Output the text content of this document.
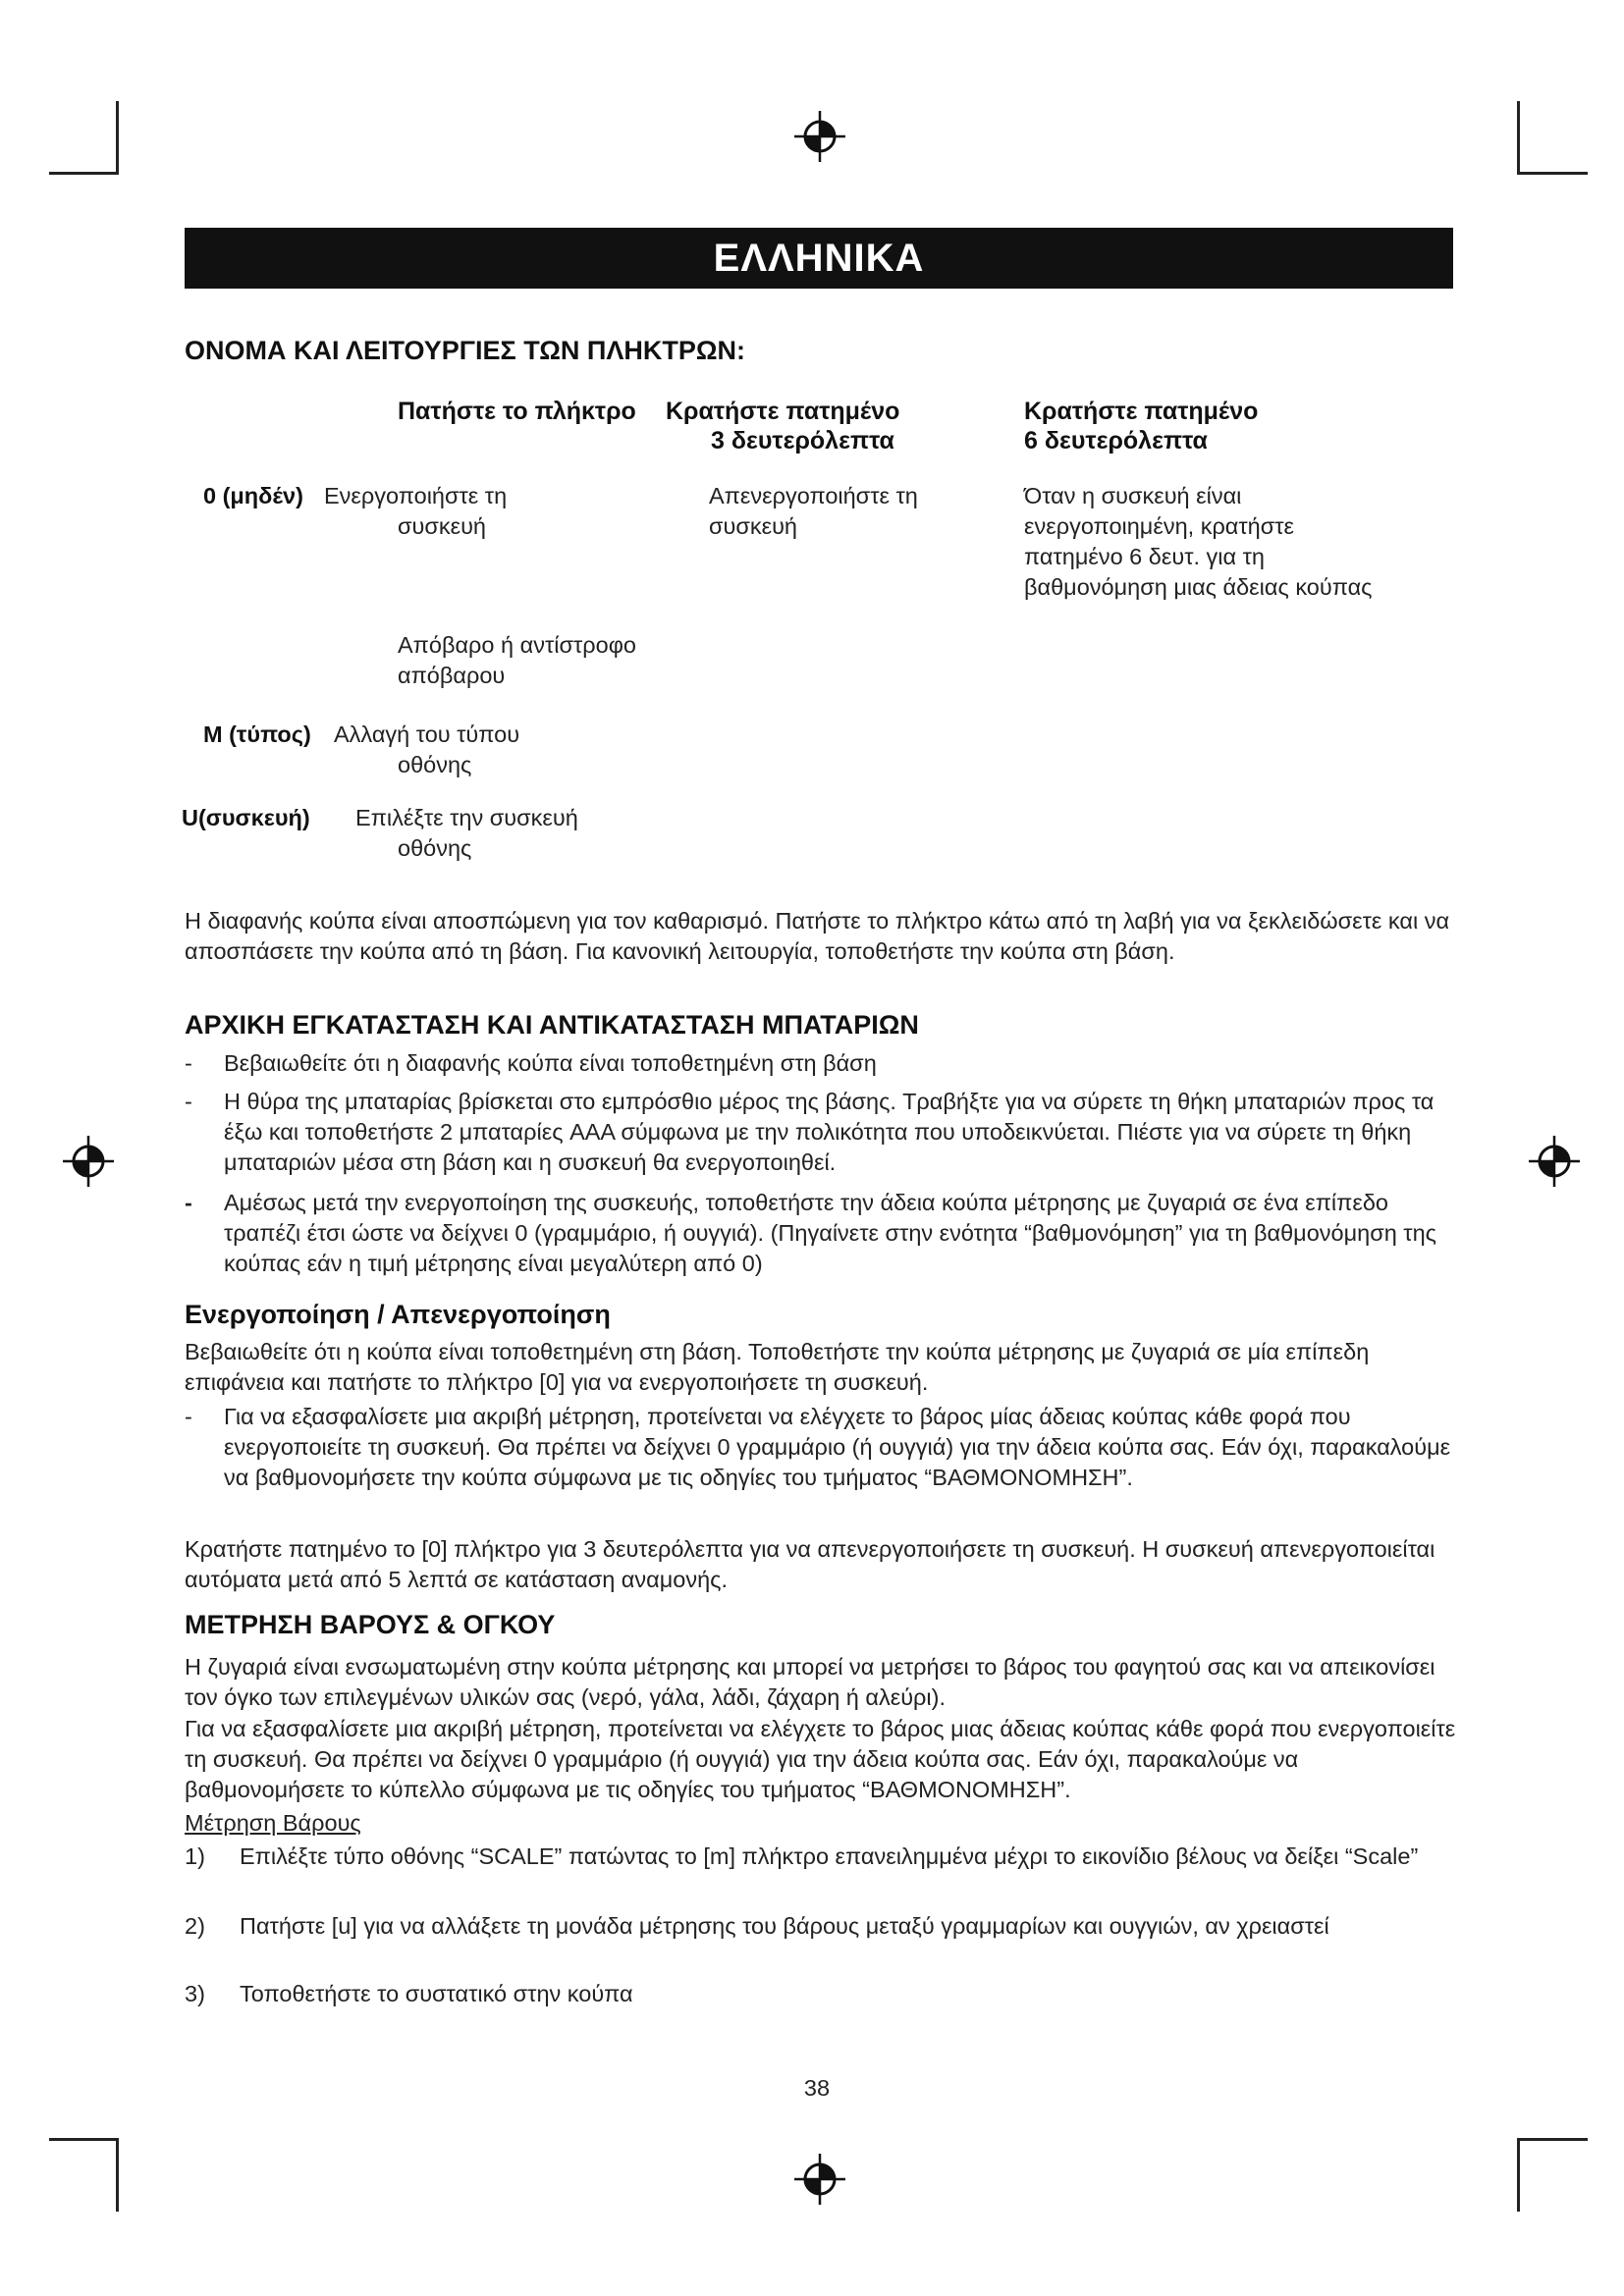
ΕΛΛΗΝΙΚΑ
ΟΝΟΜΑ ΚΑΙ ΛΕΙΤΟΥΡΓΙΕΣ ΤΩΝ ΠΛΗΚΤΡΩΝ:
Πατήστε το πλήκτρο Κρατήστε πατημένο
3 δευτερόλεπτα
Κρατήστε πατημένο
6 δευτερόλεπτα
0 (μηδέν) Ενεργοποιήστε τη
συσκευή
Απενεργοποιήστε τη
συσκευή
Όταν η συσκευή είναι
ενεργοποιημένη, κρατήστε
πατημένο 6 δευτ. για τη
βαθμονόμηση μιας άδειας κούπας
Απόβαρο ή αντίστροφο
απόβαρου
M (τύπος) Αλλαγή του τύπου
οθόνης
U(συσκευή) Επιλέξτε την συσκευή
οθόνης

Η διαφανής κούπα είναι αποσπώμενη για τον καθαρισμό. Πατήστε το πλήκτρο κάτω από τη λαβή για να ξεκλειδώσετε και να αποσπάσετε την κούπα από τη βάση. Για κανονική λειτουργία, τοποθετήστε την κούπα στη βάση.

ΑΡΧΙΚΗ ΕΓΚΑΤΑΣΤΑΣΗ ΚΑΙ ΑΝΤΙΚΑΤΑΣΤΑΣΗ ΜΠΑΤΑΡΙΩΝ
- Βεβαιωθείτε ότι η διαφανής κούπα είναι τοποθετημένη στη βάση
- Η θύρα της μπαταρίας βρίσκεται στο εμπρόσθιο μέρος της βάσης. Τραβήξτε για να σύρετε τη θήκη μπαταριών προς τα έξω και τοποθετήστε 2 μπαταρίες AAA σύμφωνα με την πολικότητα που υποδεικνύεται. Πιέστε για να σύρετε τη θήκη μπαταριών μέσα στη βάση και η συσκευή θα ενεργοποιηθεί.
- Αμέσως μετά την ενεργοποίηση της συσκευής, τοποθετήστε την άδεια κούπα μέτρησης με ζυγαριά σε ένα επίπεδο τραπέζι έτσι ώστε να δείχνει 0 (γραμμάριο, ή ουγγιά). (Πηγαίνετε στην ενότητα “βαθμονόμηση” για τη βαθμονόμηση της κούπας εάν η τιμή μέτρησης είναι μεγαλύτερη από 0)
Ενεργοποίηση / Απενεργοποίηση

Βεβαιωθείτε ότι η κούπα είναι τοποθετημένη στη βάση. Τοποθετήστε την κούπα μέτρησης με ζυγαριά σε μία επίπεδη επιφάνεια και πατήστε το πλήκτρο [0] για να ενεργοποιήσετε τη συσκευή.

- Για να εξασφαλίσετε μια ακριβή μέτρηση, προτείνεται να ελέγχετε το βάρος μίας άδειας κούπας κάθε φορά που ενεργοποιείτε τη συσκευή. Θα πρέπει να δείχνει 0 γραμμάριο (ή ουγγιά) για την άδεια κούπα σας. Εάν όχι, παρακαλούμε να βαθμονομήσετε την κούπα σύμφωνα με τις οδηγίες του τμήματος “ΒΑΘΜΟΝΟΜΗΣΗ”.

Κρατήστε πατημένο το [0] πλήκτρο για 3 δευτερόλεπτα για να απενεργοποιήσετε τη συσκευή. Η συσκευή απενεργοποιείται αυτόματα μετά από 5 λεπτά σε κατάσταση αναμονής.

ΜΕΤΡΗΣΗ ΒΑΡΟΥΣ & ΟΓΚΟΥ

Η ζυγαριά είναι ενσωματωμένη στην κούπα μέτρησης και μπορεί να μετρήσει το βάρος του φαγητού σας και να απεικονίσει τον όγκο των επιλεγμένων υλικών σας (νερό, γάλα, λάδι, ζάχαρη ή αλεύρι).

Για να εξασφαλίσετε μια ακριβή μέτρηση, προτείνεται να ελέγχετε το βάρος μιας άδειας κούπας κάθε φορά που ενεργοποιείτε τη συσκευή. Θα πρέπει να δείχνει 0 γραμμάριο (ή ουγγιά) για την άδεια κούπα σας. Εάν όχι, παρακαλούμε να βαθμονομήσετε το κύπελλο σύμφωνα με τις οδηγίες του τμήματος “ΒΑΘΜΟΝΟΜΗΣΗ”.

Μέτρηση Βάρους
1) Επιλέξτε τύπο οθόνης “SCALE” πατώντας το [m] πλήκτρο επανειλημμένα μέχρι το εικονίδιο βέλους να δείξει “Scale”
2) Πατήστε [u] για να αλλάξετε τη μονάδα μέτρησης του βάρους μεταξύ γραμμαρίων και ουγγιών, αν χρειαστεί
3) Τοποθετήστε το συστατικό στην κούπα
38
